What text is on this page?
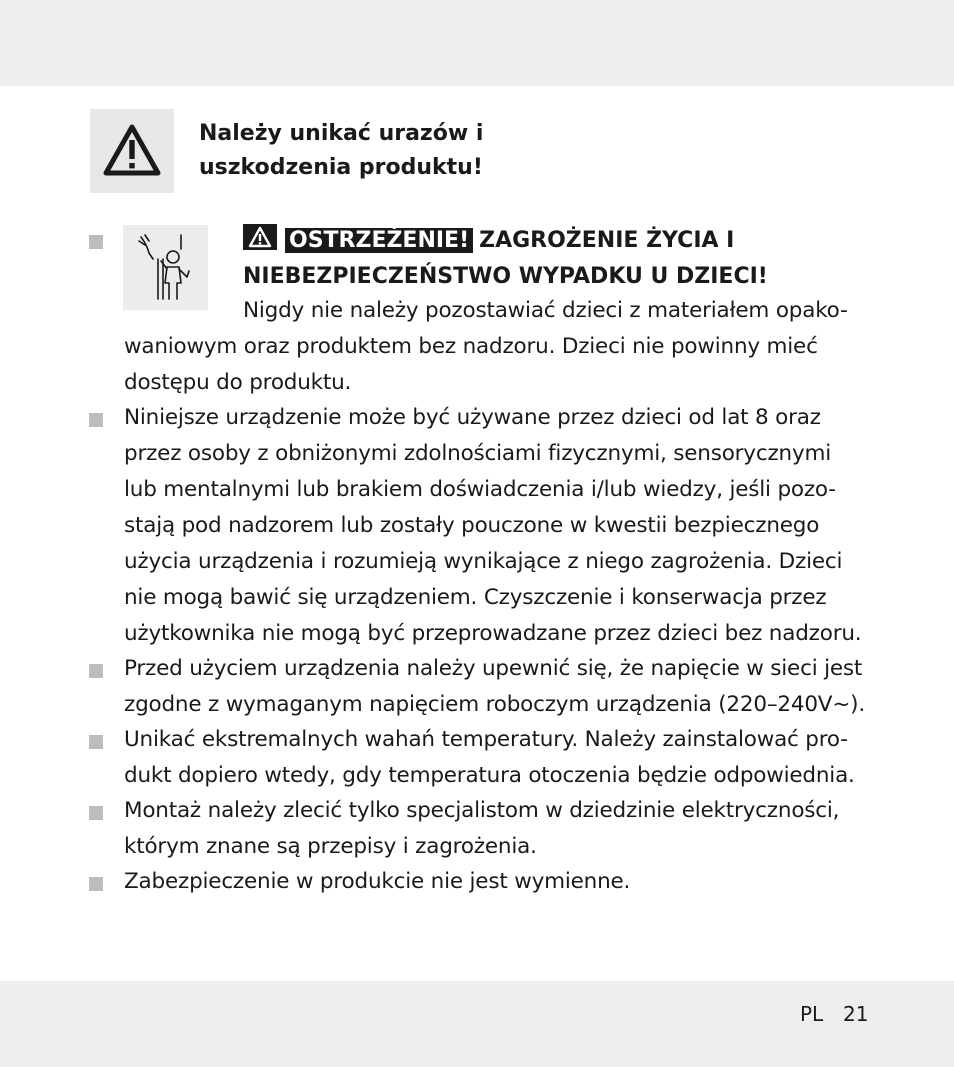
Należy unikać urazów i
uszkodzenia produktu!
OSTRZEŻENIE! ZAGROŻENIE ŻYCIA I
NIEBEZPIECZEŃSTWO WYPADKU U DZIECI!

Nigdy nie należy pozostawiać dzieci z materiałem opako-

waniowym oraz produktem bez nadzoru. Dzieci nie powinny mieć

dostępu do produktu.

Niniejsze urządzenie może być używane przez dzieci od lat 8 oraz

przez osoby z obniżonymi zdolnościami fizycznymi, sensorycznymi

lub mentalnymi lub brakiem doświadczenia i/lub wiedzy, jeśli pozo-

stają pod nadzorem lub zostały pouczone w kwestii bezpiecznego

użycia urządzenia i rozumieją wynikające z niego zagrożenia. Dzieci

nie mogą bawić się urządzeniem. Czyszczenie i konserwacja przez

użytkownika nie mogą być przeprowadzane przez dzieci bez nadzoru.

Przed użyciem urządzenia należy upewnić się, że napięcie w sieci jest

zgodne z wymaganym napięciem roboczym urządzenia (220–240V~).

Unikać ekstremalnych wahań temperatury. Należy zainstalować pro-

dukt dopiero wtedy, gdy temperatura otoczenia będzie odpowiednia.

Montaż należy zlecić tylko specjalistom w dziedzinie elektryczności,

którym znane są przepisy i zagrożenia.

Zabezpieczenie w produkcie nie jest wymienne.

PL 21
